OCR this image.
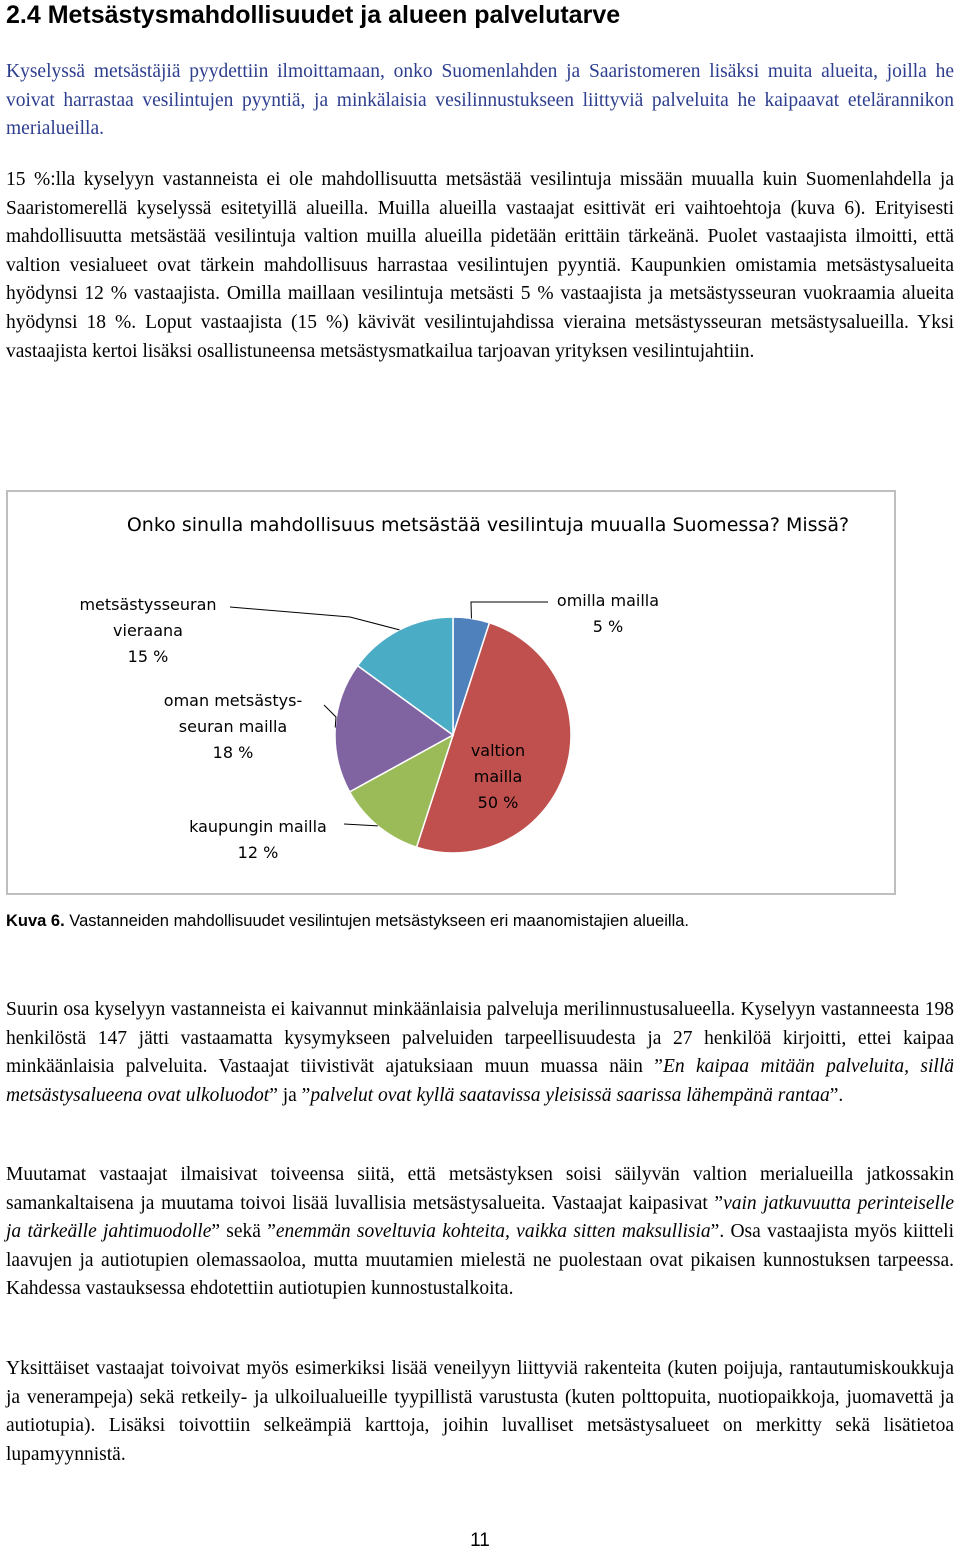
2.4 Metsästysmahdollisuudet ja alueen palvelutarve

Kyselyssä metsästäjiä pyydettiin ilmoittamaan, onko Suomenlahden ja Saaristomeren lisäksi muita alueita, joilla he voivat harrastaa vesilintujen pyyntiä, ja minkälaisia vesilinnustukseen liittyviä palveluita he kaipaavat etelärannikon merialueilla.

15 %:lla kyselyyn vastanneista ei ole mahdollisuutta metsästää vesilintuja missään muualla kuin Suomenlahdella ja Saaristomerellä kyselyssä esitetyillä alueilla. Muilla alueilla vastaajat esittivät eri vaihtoehtoja (kuva 6). Erityisesti mahdollisuutta metsästää vesilintuja valtion muilla alueilla pidetään erittäin tärkeänä. Puolet vastaajista ilmoitti, että valtion vesialueet ovat tärkein mahdollisuus harrastaa vesilintujen pyyntiä. Kaupunkien omistamia metsästysalueita hyödynsi 12 % vastaajista. Omilla maillaan vesilintuja metsästi 5 % vastaajista ja metsästysseuran vuokraamia alueita hyödynsi 18 %. Loput vastaajista (15 %) kävivät vesilintujahdissa vieraina metsästysseuran metsästysalueilla. Yksi vastaajista kertoi lisäksi osallistuneensa metsästysmatkailua tarjoavan yrityksen vesilintujahtiin.

Onko sinulla mahdollisuus metsästää vesilintuja muualla Suomessa? Missä?
omilla mailla
5 %
valtion
mailla
50 %
kaupungin mailla
12 %
oman metsästys-
seuran mailla
18 %
metsästysseuran
vieraana
15 %

Kuva 6. Vastanneiden mahdollisuudet vesilintujen metsästykseen eri maanomistajien alueilla.

Suurin osa kyselyyn vastanneista ei kaivannut minkäänlaisia palveluja merilinnustusalueella. Kyselyyn vastanneesta 198 henkilöstä 147 jätti vastaamatta kysymykseen palveluiden tarpeellisuudesta ja 27 henkilöä kirjoitti, ettei kaipaa minkäänlaisia palveluita. Vastaajat tiivistivät ajatuksiaan muun muassa näin ”En kaipaa mitään palveluita, sillä metsästysalueena ovat ulkoluodot” ja ”palvelut ovat kyllä saatavissa yleisissä saarissa lähempänä rantaa”.

Muutamat vastaajat ilmaisivat toiveensa siitä, että metsästyksen soisi säilyvän valtion merialueilla jatkossakin samankaltaisena ja muutama toivoi lisää luvallisia metsästysalueita. Vastaajat kaipasivat ”vain jatkuvuutta perinteiselle ja tärkeälle jahtimuodolle” sekä ”enemmän soveltuvia kohteita, vaikka sitten maksullisia”. Osa vastaajista myös kiitteli laavujen ja autiotupien olemassaoloa, mutta muutamien mielestä ne puolestaan ovat pikaisen kunnostuksen tarpeessa. Kahdessa vastauksessa ehdotettiin autiotupien kunnostustalkoita.

Yksittäiset vastaajat toivoivat myös esimerkiksi lisää veneilyyn liittyviä rakenteita (kuten poijuja, rantautumiskoukkuja ja venerampeja) sekä retkeily- ja ulkoilualueille tyypillistä varustusta (kuten polttopuita, nuotiopaikkoja, juomavettä ja autiotupia). Lisäksi toivottiin selkeämpiä karttoja, joihin luvalliset metsästysalueet on merkitty sekä lisätietoa lupamyynnistä.

11
